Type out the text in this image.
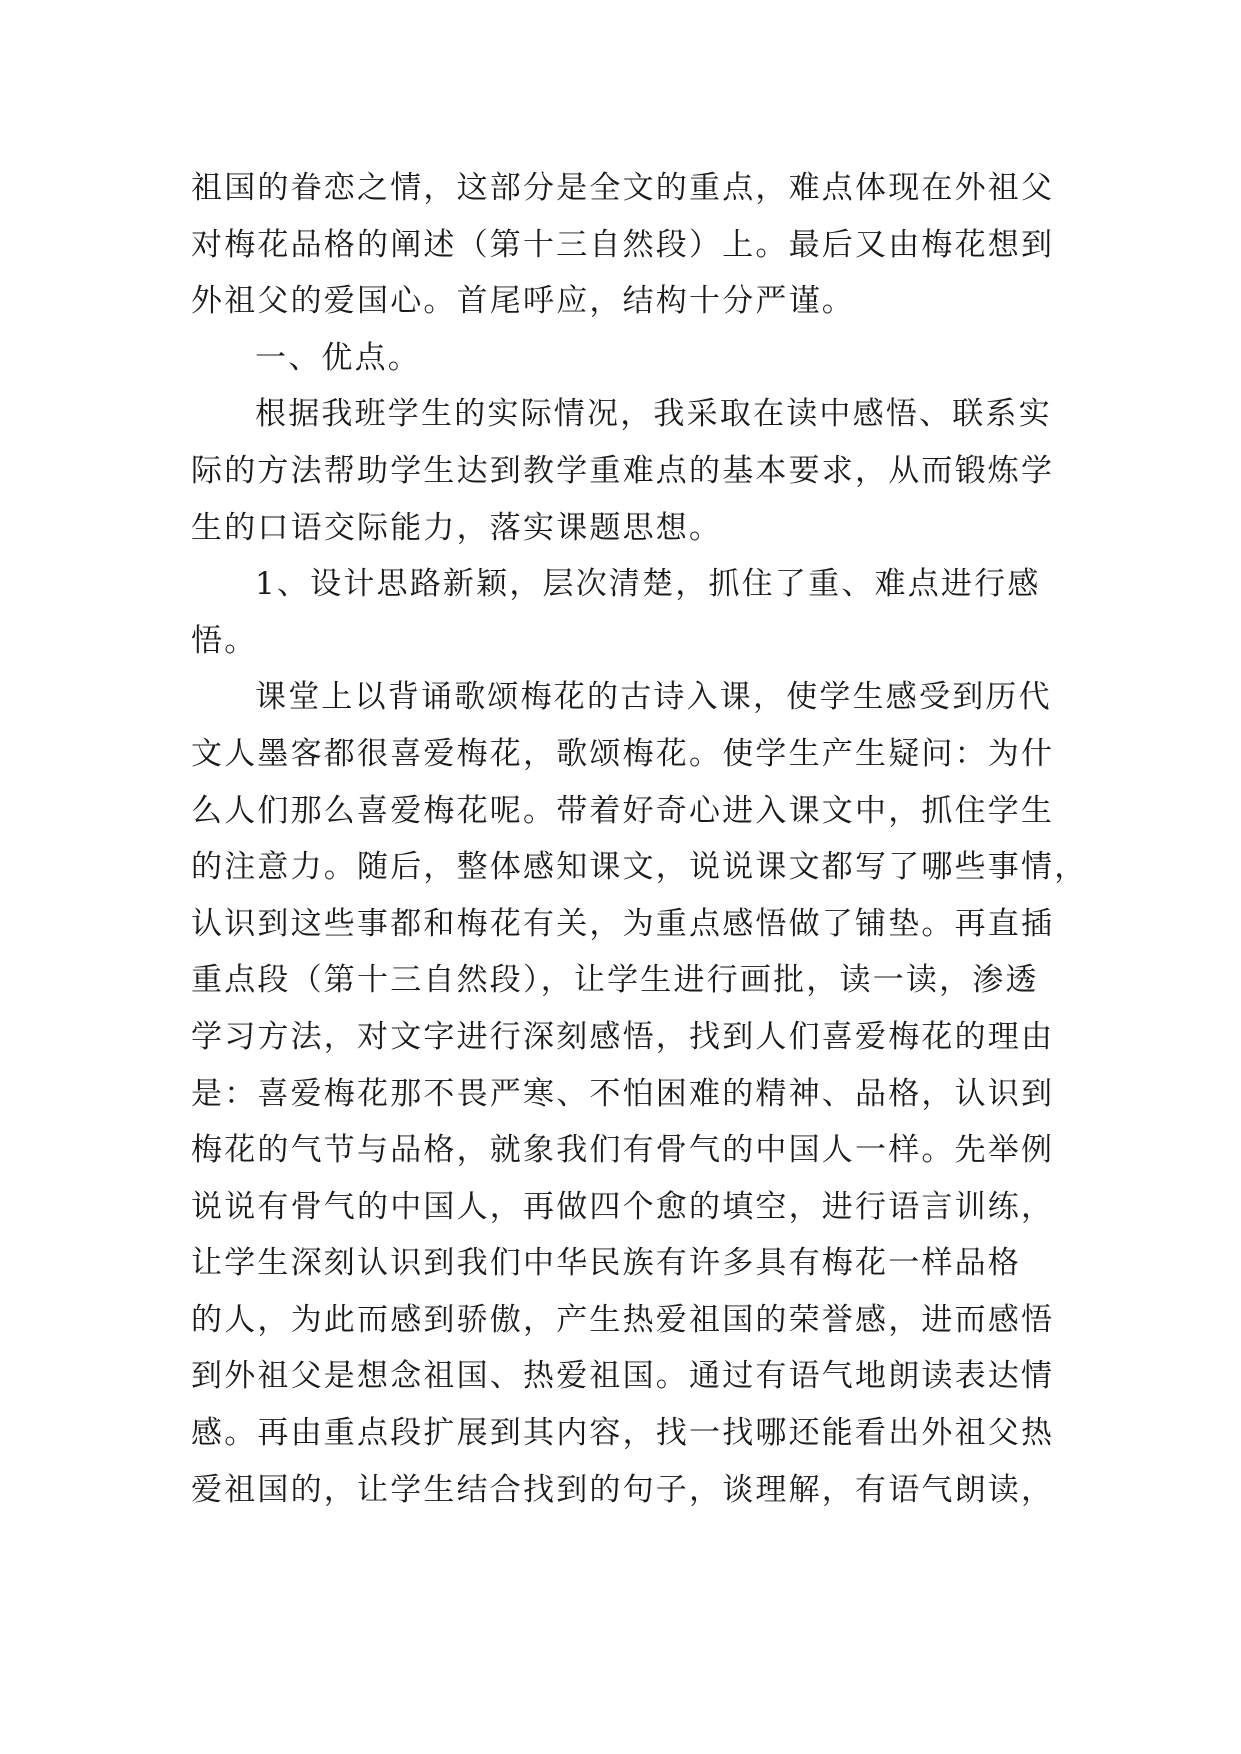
祖国的眷恋之情，这部分是全文的重点，难点体现在外祖父
对梅花品格的阐述（第十三自然段）上。最后又由梅花想到
外祖父的爱国心。首尾呼应，结构十分严谨。
一、优点。
根据我班学生的实际情况，我采取在读中感悟、联系实
际的方法帮助学生达到教学重难点的基本要求，从而锻炼学
生的口语交际能力，落实课题思想。
1、设计思路新颖，层次清楚，抓住了重、难点进行感
悟。
课堂上以背诵歌颂梅花的古诗入课，使学生感受到历代
文人墨客都很喜爱梅花，歌颂梅花。使学生产生疑问：为什
么人们那么喜爱梅花呢。带着好奇心进入课文中，抓住学生
的注意力。随后，整体感知课文，说说课文都写了哪些事情，
认识到这些事都和梅花有关，为重点感悟做了铺垫。再直插
重点段（第十三自然段），让学生进行画批，读一读，渗透
学习方法，对文字进行深刻感悟，找到人们喜爱梅花的理由
是：喜爱梅花那不畏严寒、不怕困难的精神、品格，认识到
梅花的气节与品格，就象我们有骨气的中国人一样。先举例
说说有骨气的中国人，再做四个愈的填空，进行语言训练，
让学生深刻认识到我们中华民族有许多具有梅花一样品格
的人，为此而感到骄傲，产生热爱祖国的荣誉感，进而感悟
到外祖父是想念祖国、热爱祖国。通过有语气地朗读表达情
感。再由重点段扩展到其内容，找一找哪还能看出外祖父热
爱祖国的，让学生结合找到的句子，谈理解，有语气朗读，
